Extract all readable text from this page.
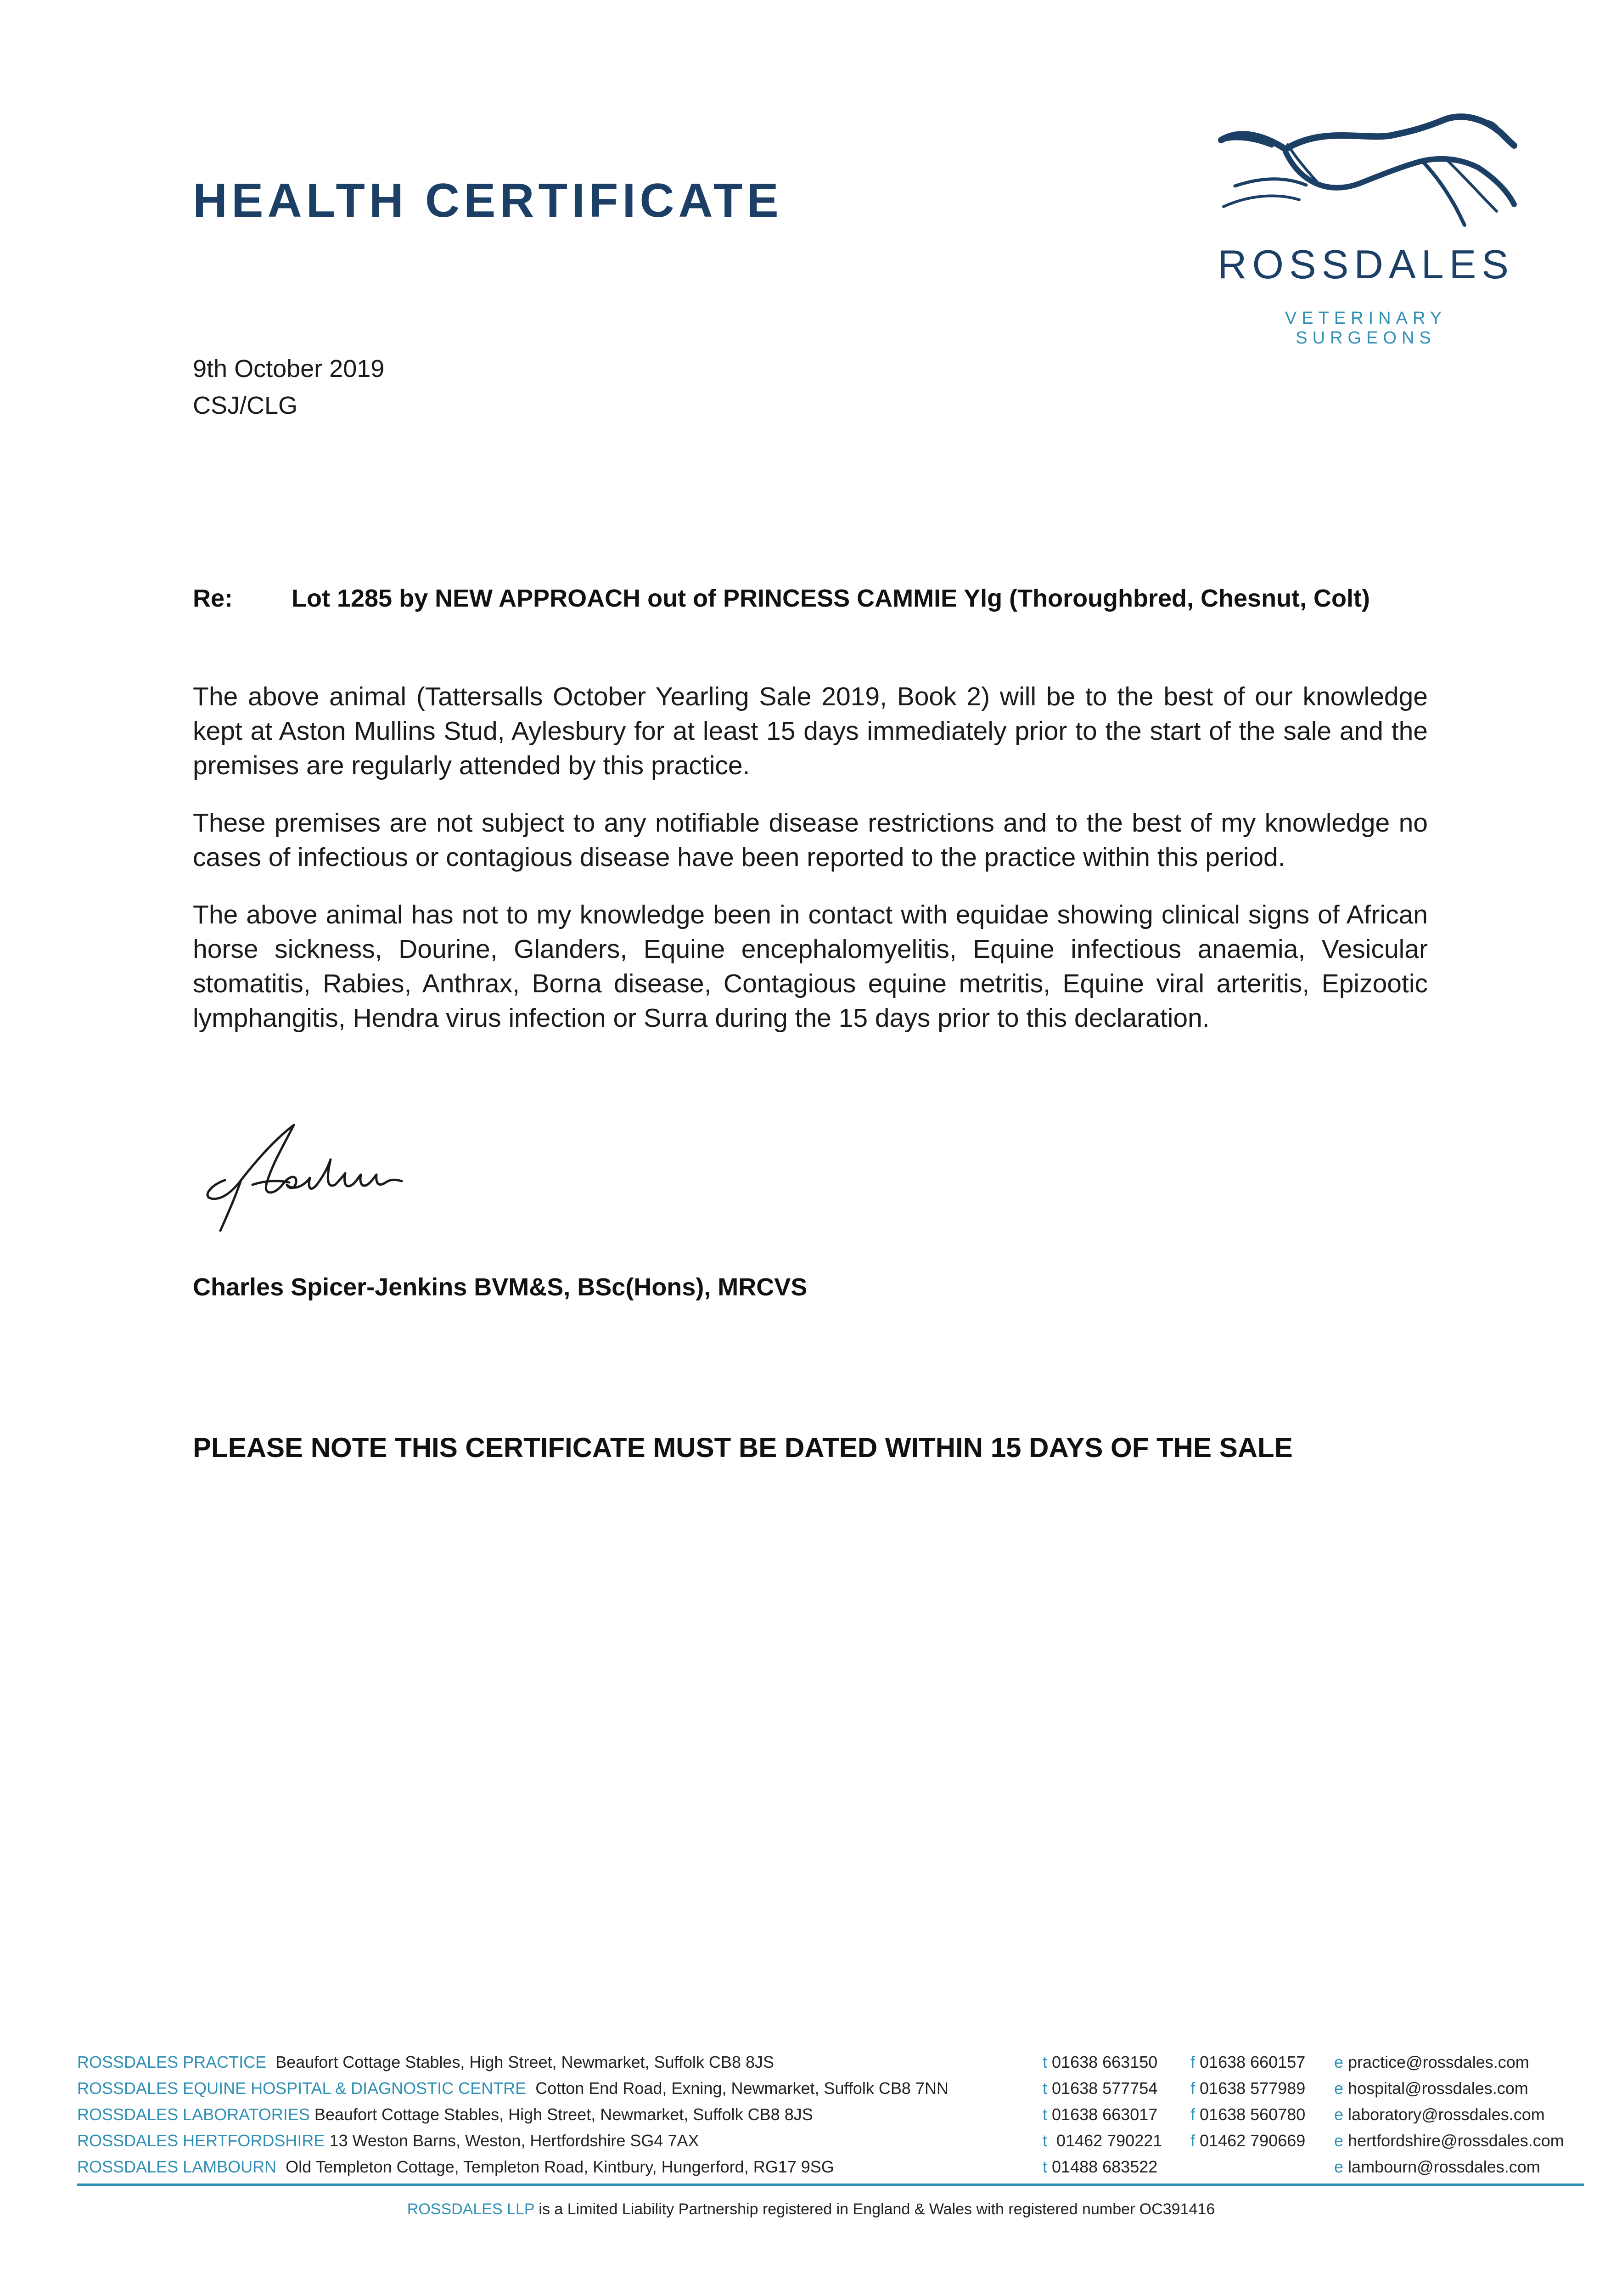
HEALTH CERTIFICATE
ROSSDALES
VETERINARY SURGEONS
9th October 2019
CSJ/CLG
Re: Lot 1285 by NEW APPROACH out of PRINCESS CAMMIE Ylg (Thoroughbred, Chesnut, Colt)
The above animal (Tattersalls October Yearling Sale 2019, Book 2) will be to the best of our knowledge kept at Aston Mullins Stud, Aylesbury for at least 15 days immediately prior to the start of the sale and the premises are regularly attended by this practice.
These premises are not subject to any notifiable disease restrictions and to the best of my knowledge no cases of infectious or contagious disease have been reported to the practice within this period.
The above animal has not to my knowledge been in contact with equidae showing clinical signs of African horse sickness, Dourine, Glanders, Equine encephalomyelitis, Equine infectious anaemia, Vesicular stomatitis, Rabies, Anthrax, Borna disease, Contagious equine metritis, Equine viral arteritis, Epizootic lymphangitis, Hendra virus infection or Surra during the 15 days prior to this declaration.
Charles Spicer-Jenkins BVM&S, BSc(Hons), MRCVS
PLEASE NOTE THIS CERTIFICATE MUST BE DATED WITHIN 15 DAYS OF THE SALE
ROSSDALES PRACTICE Beaufort Cottage Stables, High Street, Newmarket, Suffolk CB8 8JS	t 01638 663150 f 01638 660157 e practice@rossdales.com
ROSSDALES EQUINE HOSPITAL & DIAGNOSTIC CENTRE Cotton End Road, Exning, Newmarket, Suffolk CB8 7NN	t 01638 577754 f 01638 577989 e hospital@rossdales.com
ROSSDALES LABORATORIES Beaufort Cottage Stables, High Street, Newmarket, Suffolk CB8 8JS	t 01638 663017 f 01638 560780 e laboratory@rossdales.com
ROSSDALES HERTFORDSHIRE 13 Weston Barns, Weston, Hertfordshire SG4 7AX	t 01462 790221 f 01462 790669 e hertfordshire@rossdales.com
ROSSDALES LAMBOURN Old Templeton Cottage, Templeton Road, Kintbury, Hungerford, RG17 9SG	t 01488 683522	e lambourn@rossdales.com
ROSSDALES LLP is a Limited Liability Partnership registered in England & Wales with registered number OC391416
